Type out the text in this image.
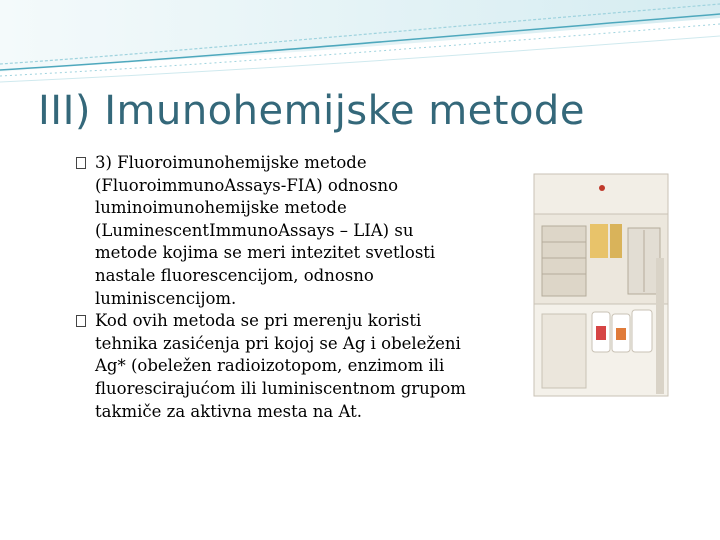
III) Imunohemijske metode
3) Fluoroimunohemijske metode
(FluoroimmunoAssays-FIA) odnosno
luminoimunohemijske metode
(LuminescentImmunoAssays – LIA) su
metode kojima se meri intezitet svetlosti
nastale fluorescencijom, odnosno
luminiscencijom.
Kod ovih metoda se pri merenju koristi
tehnika zasićenja pri kojoj se Ag i obeleženi
Ag* (obeležen radioizotopom, enzimom ili
fluorescirajućom ili luminiscentnom grupom
takmiče za aktivna mesta na At.
